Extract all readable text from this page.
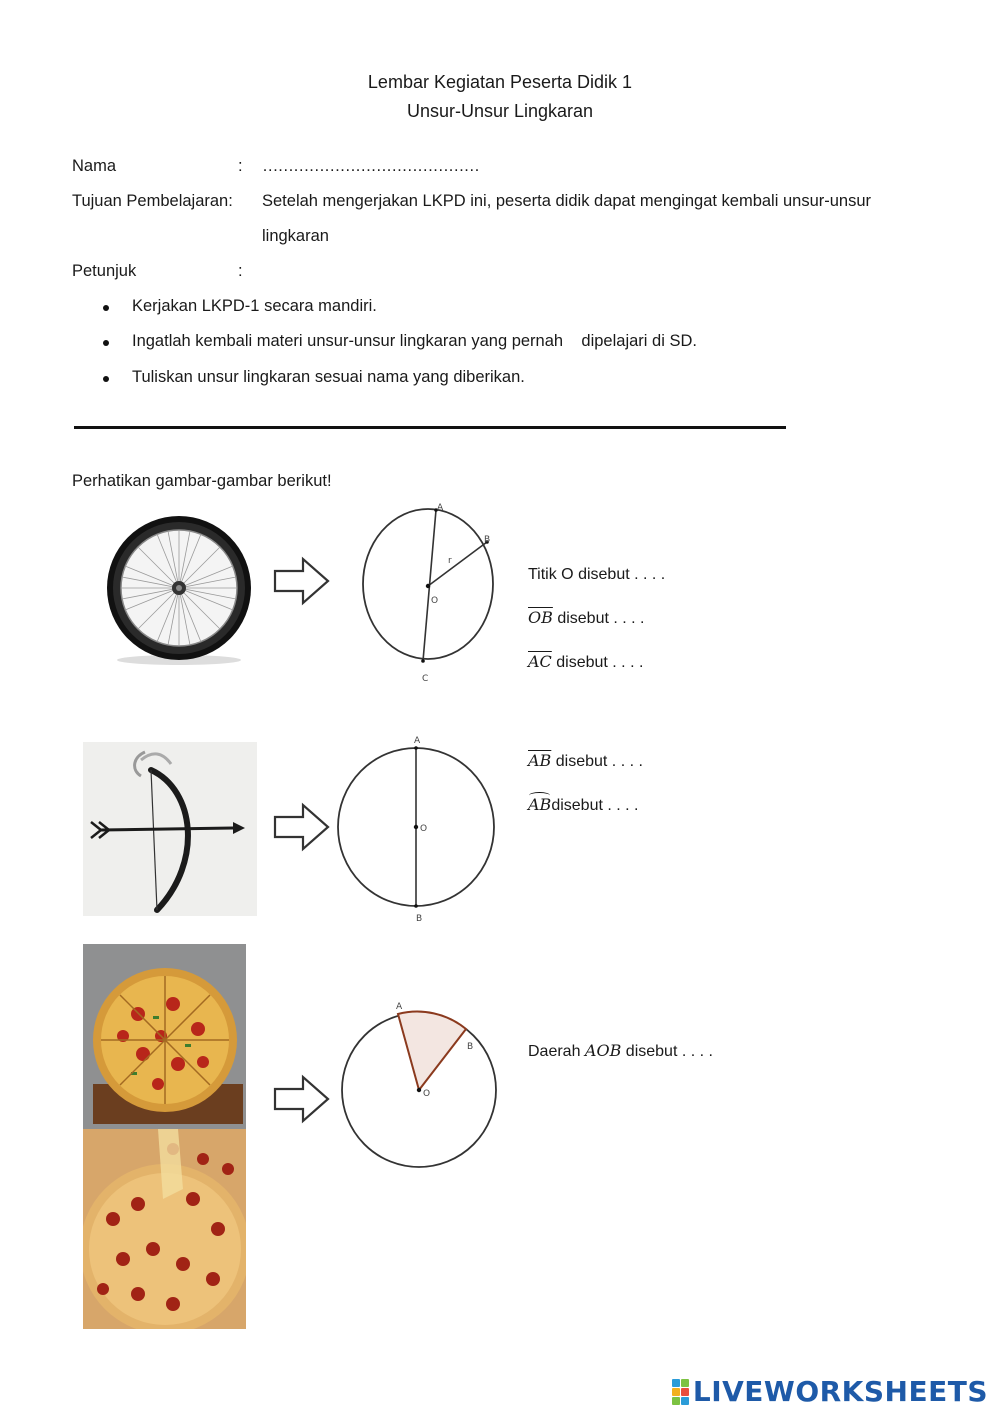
Lembar Kegiatan Peserta Didik 1
Unsur-Unsur Lingkaran
Nama	: ……………………………………
Tujuan Pembelajaran: Setelah mengerjakan LKPD ini, peserta didik dapat mengingat kembali unsur-unsur
lingkaran
Petunjuk	:
Kerjakan LKPD-1 secara mandiri.
Ingatlah kembali materi unsur-unsur lingkaran yang pernah    dipelajari di SD.
Tuliskan unsur lingkaran sesuai nama yang diberikan.
Perhatikan gambar-gambar berikut!
A
B
C
O
r
Titik O disebut . . . .
$\overline{OB}$ disebut . . . .
$\overline{AC}$ disebut . . . .
A
B
O
$\overline{AB}$ disebut . . . .
ABdisebut . . . .
A
B
O
Daerah AOB disebut . . . .
LIVEWORKSHEETS
